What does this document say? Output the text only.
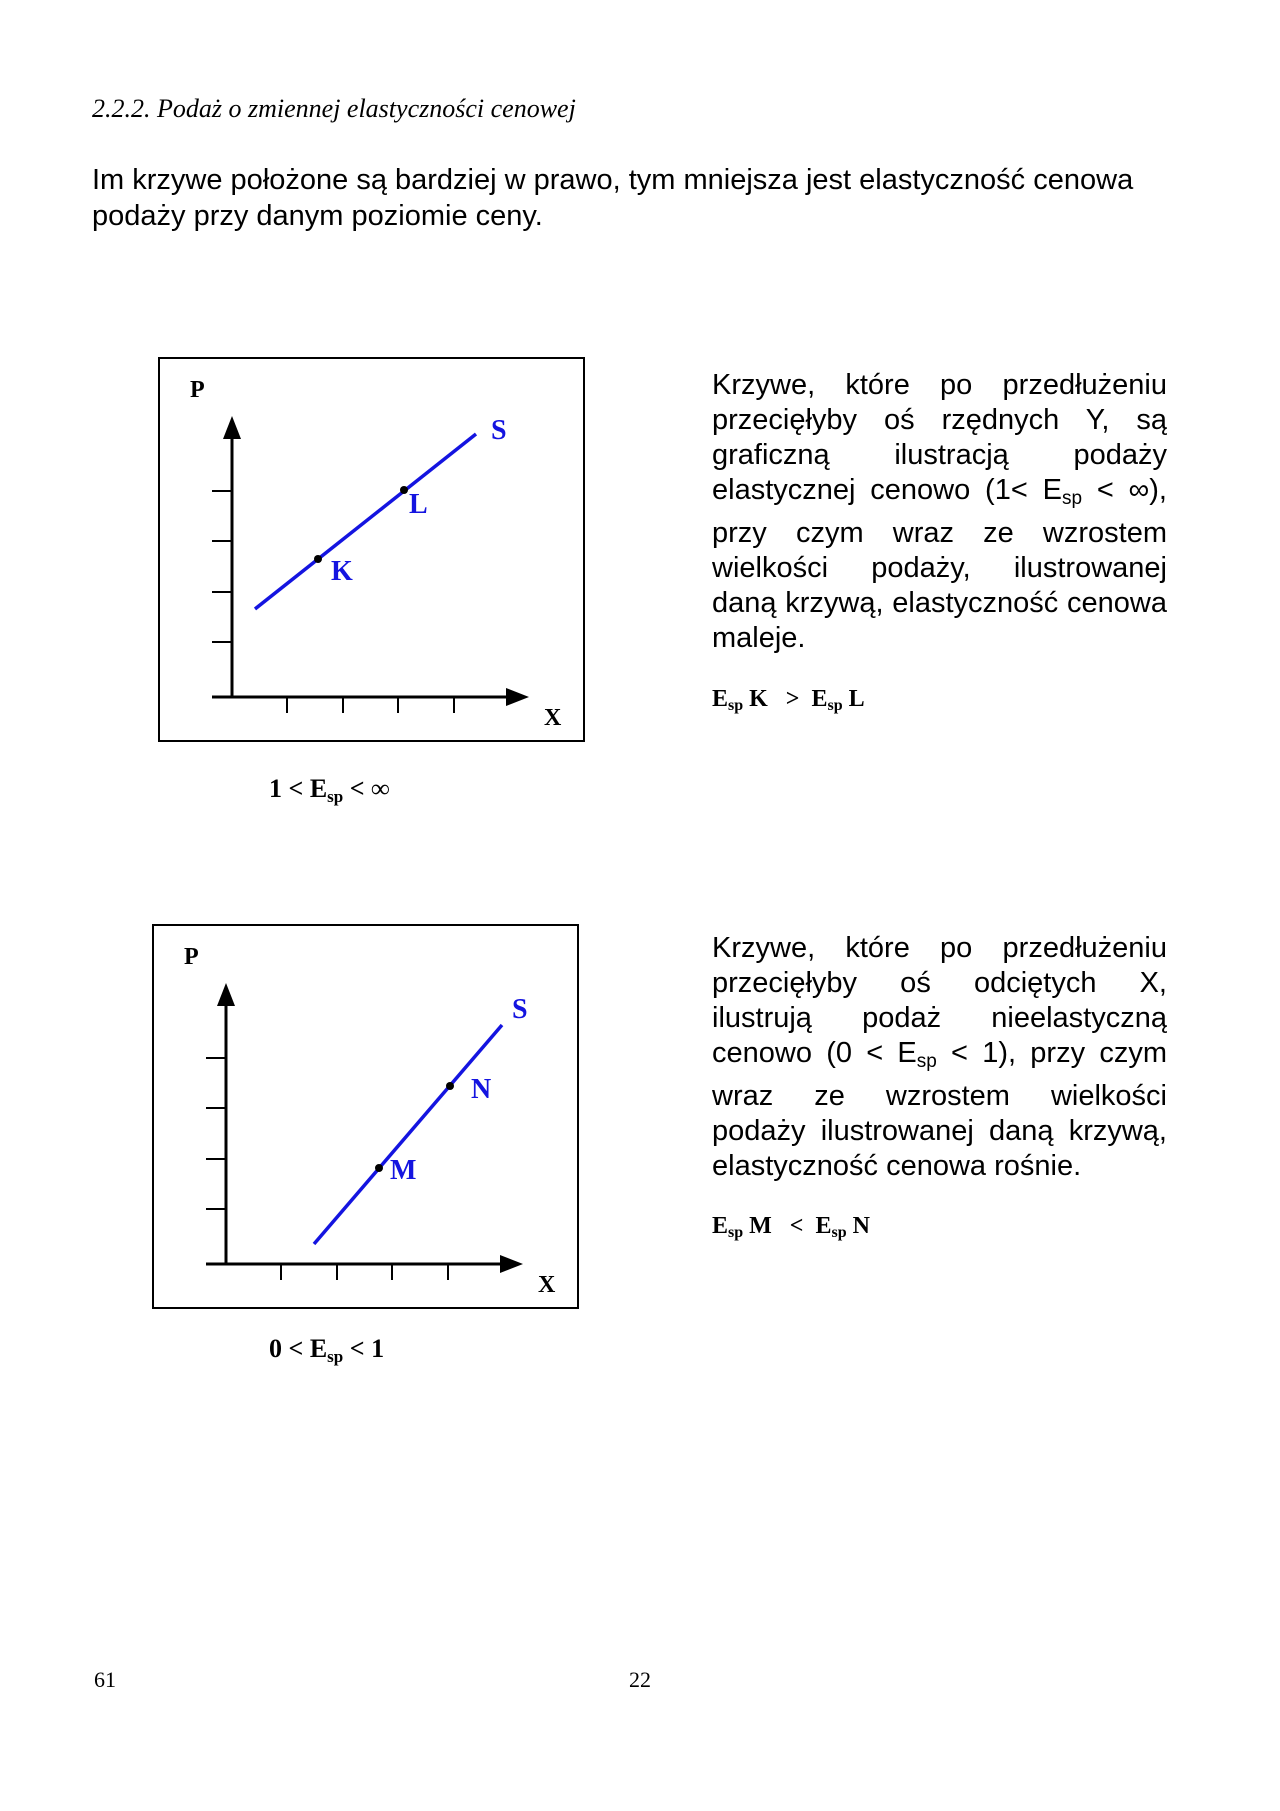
2.2.2. Podaż o zmiennej elastyczności cenowej
Im krzywe położone są bardziej w prawo, tym mniejsza jest elastyczność cenowa podaży przy danym poziomie ceny.
P
X
S
L
K
$1 < E_{sp}$ < ∞
Krzywe, które po przedłużeniu przecięłyby oś rzędnych Y, są graficzną ilustracją podaży elastycznej cenowo ($1< E_{sp}$ < ∞), przy czym wraz ze wzrostem wielkości podaży, ilustrowanej daną krzywą, elastyczność cenowa maleje.
$E_{sp}$ $K > E_{sp}$ L
P
X
S
N
M
$0 < E_{sp} < 1$
Krzywe, które po przedłużeniu przecięłyby oś odciętych X, ilustrują podaż nieelastyczną cenowo $(0 < E_{sp} < 1)$, przy czym wraz ze wzrostem wielkości podaży ilustrowanej daną krzywą, elastyczność cenowa rośnie.
$E_{sp}$ $M < E_{sp}$ N
61	22
